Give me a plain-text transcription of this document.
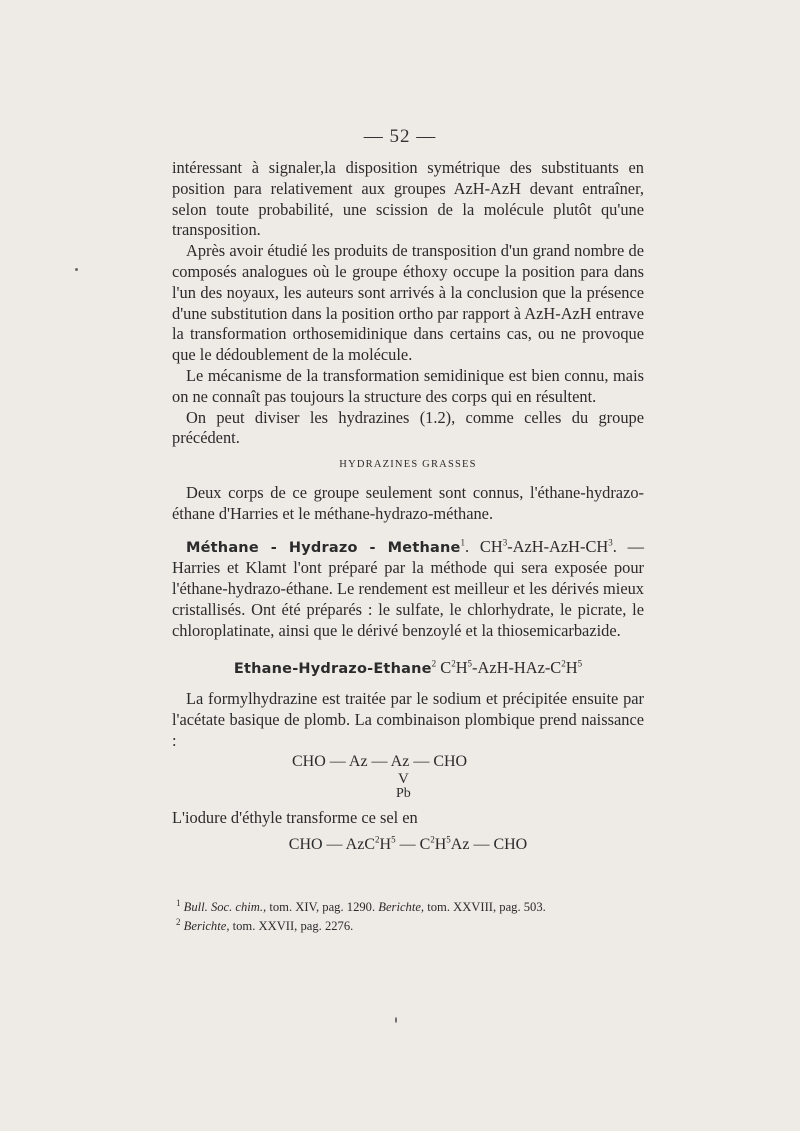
— 52 —

intéressant à signaler,la disposition symétrique des substituants en position para relativement aux groupes AzH-AzH devant entraîner, selon toute probabilité, une scission de la molécule plutôt qu'une transposition.

Après avoir étudié les produits de transposition d'un grand nombre de composés analogues où le groupe éthoxy occupe la position para dans l'un des noyaux, les auteurs sont arrivés à la conclusion que la présence d'une substitution dans la position ortho par rapport à AzH-AzH entrave la transformation orthosemidinique dans certains cas, ou ne provoque que le dédoublement de la molécule.

Le mécanisme de la transformation semidinique est bien connu, mais on ne connaît pas toujours la structure des corps qui en résultent.

On peut diviser les hydrazines (1.2), comme celles du groupe précédent.

HYDRAZINES GRASSES

Deux corps de ce groupe seulement sont connus, l'éthane-hydrazo-éthane d'Harries et le méthane-hydrazo-méthane.

Méthane - Hydrazo - Methane$^1$. $CH^3-AzH-AzH-CH^3$. — Harries et Klamt l'ont préparé par la méthode qui sera exposée pour l'éthane-hydrazo-éthane. Le rendement est meilleur et les dérivés mieux cristallisés. Ont été préparés : le sulfate, le chlorhydrate, le picrate, le chloroplatinate, ainsi que le dérivé benzoylé et la thiosemicarbazide.

Ethane-Hydrazo-Ethane$^2$ $C^2H^5-AzH-HAz-C^2H^5$

La formylhydrazine est traitée par le sodium et précipitée ensuite par l'acétate basique de plomb. La combinaison plombique prend naissance :

CHO — Az — Az — CHO

V

Pb

L'iodure d'éthyle transforme ce sel en

CHO — $AzC^2H^5$ — $C^2H^5Az$ — CHO

$^1$ Bull. Soc. chim., tom. XIV, pag. 1290. Berichte, tom. XXVIII, pag. 503.
$^2$ Berichte, tom. XXVII, pag. 2276.
